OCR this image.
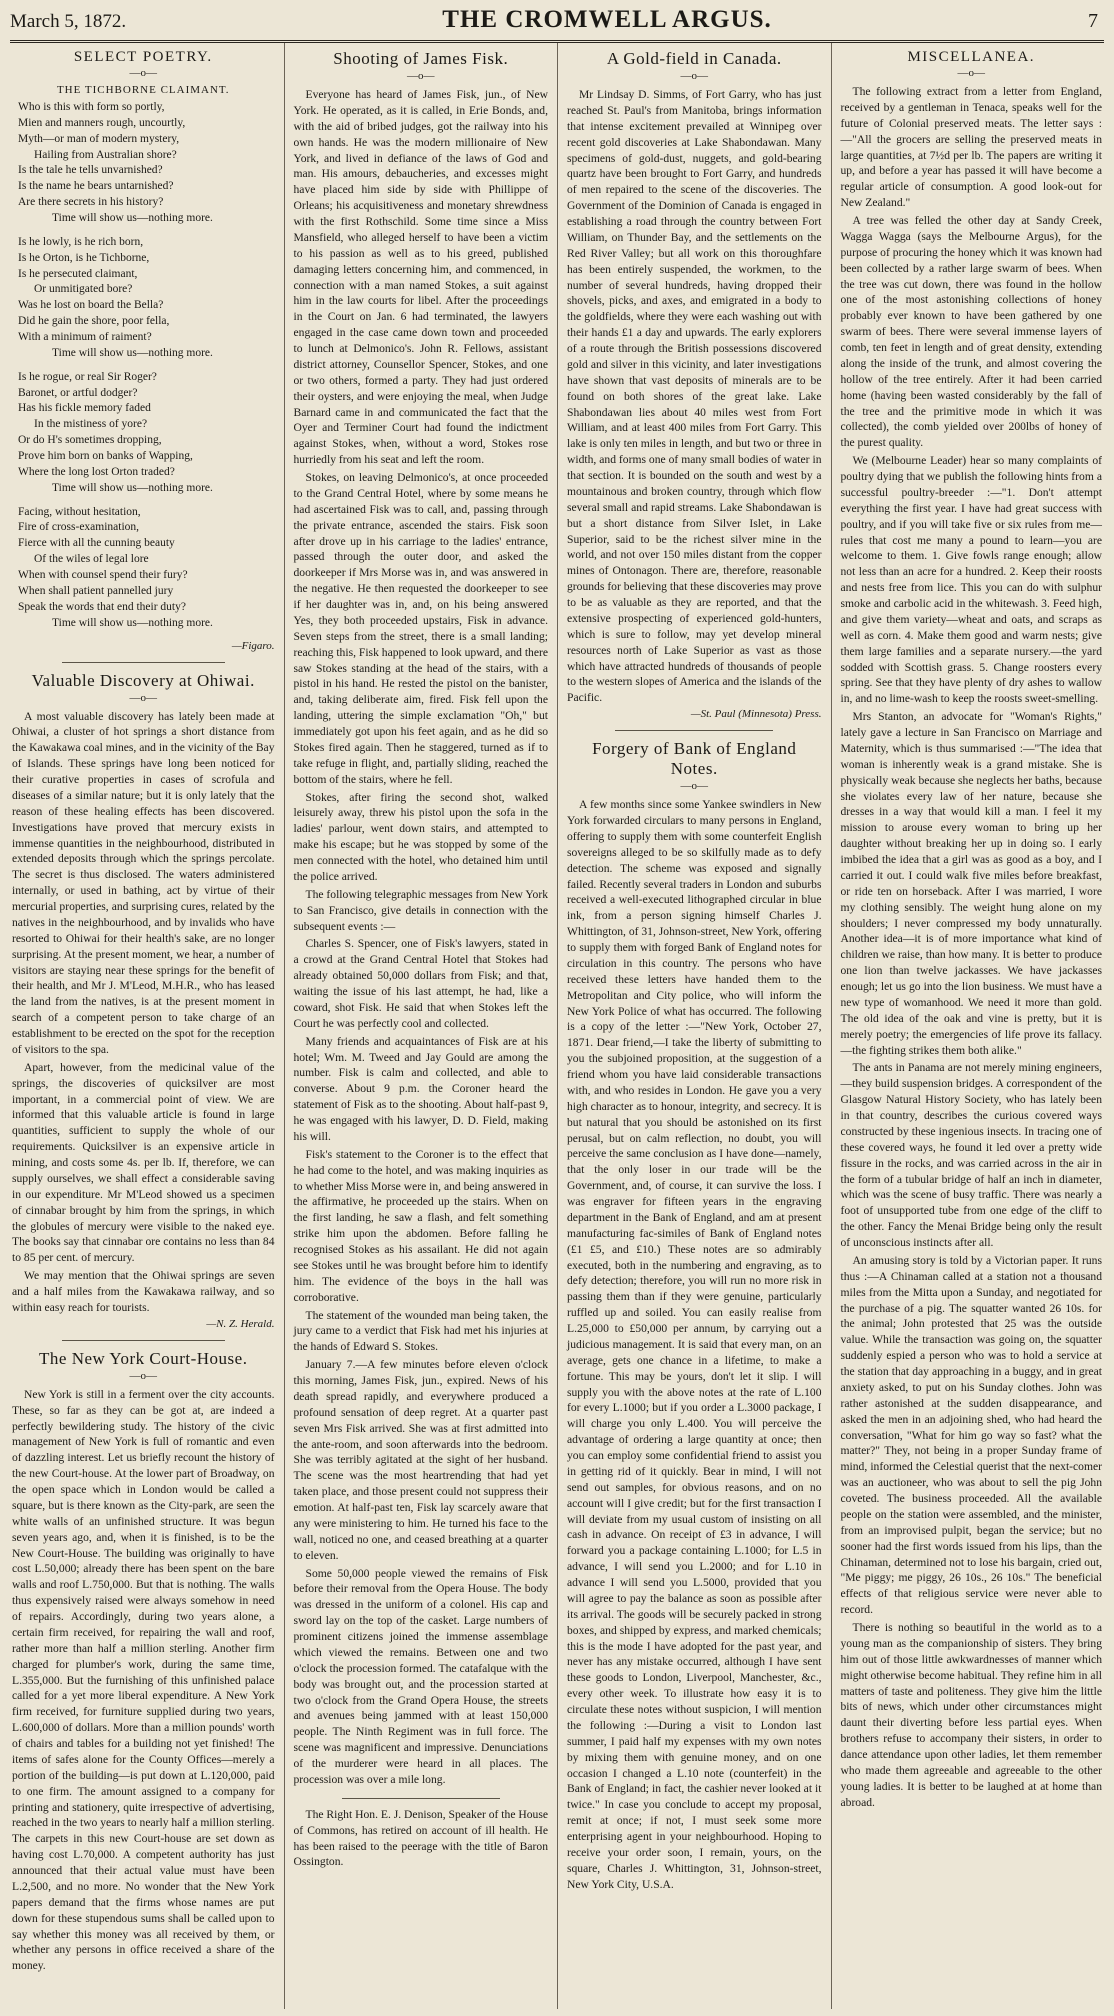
March 5, 1872.	THE CROMWELL ARGUS.	7
SELECT POETRY.
—o—
THE TICHBORNE CLAIMANT.
Who is this with form so portly,
Mien and manners rough, uncourtly,
Myth—or man of modern mystery,
Hailing from Australian shore?
Is the tale he tells unvarnished?
Is the name he bears untarnished?
Are there secrets in his history?
Time will show us—nothing more.
Is he lowly, is he rich born,
Is he Orton, is he Tichborne,
Is he persecuted claimant,
Or unmitigated bore?
Was he lost on board the Bella?
Did he gain the shore, poor fella,
With a minimum of raiment?
Time will show us—nothing more.
Is he rogue, or real Sir Roger?
Baronet, or artful dodger?
Has his fickle memory faded
In the mistiness of yore?
Or do H's sometimes dropping,
Prove him born on banks of Wapping,
Where the long lost Orton traded?
Time will show us—nothing more.
Facing, without hesitation,
Fire of cross-examination,
Fierce with all the cunning beauty
Of the wiles of legal lore
When with counsel spend their fury?
When shall patient pannelled jury
Speak the words that end their duty?
Time will show us—nothing more.
—Figaro.
Valuable Discovery at Ohiwai.
—o—

A most valuable discovery has lately been made at Ohiwai, a cluster of hot springs a short distance from the Kawakawa coal mines, and in the vicinity of the Bay of Islands. These springs have long been noticed for their curative properties in cases of scrofula and diseases of a similar nature; but it is only lately that the reason of these healing effects has been discovered. Investigations have proved that mercury exists in immense quantities in the neighbourhood, distributed in extended deposits through which the springs percolate. The secret is thus disclosed. The waters administered internally, or used in bathing, act by virtue of their mercurial properties, and surprising cures, related by the natives in the neighbourhood, and by invalids who have resorted to Ohiwai for their health's sake, are no longer surprising. At the present moment, we hear, a number of visitors are staying near these springs for the benefit of their health, and Mr J. M'Leod, M.H.R., who has leased the land from the natives, is at the present moment in search of a competent person to take charge of an establishment to be erected on the spot for the reception of visitors to the spa.

Apart, however, from the medicinal value of the springs, the discoveries of quicksilver are most important, in a commercial point of view. We are informed that this valuable article is found in large quantities, sufficient to supply the whole of our requirements. Quicksilver is an expensive article in mining, and costs some 4s. per lb. If, therefore, we can supply ourselves, we shall effect a considerable saving in our expenditure. Mr M'Leod showed us a specimen of cinnabar brought by him from the springs, in which the globules of mercury were visible to the naked eye. The books say that cinnabar ore contains no less than 84 to 85 per cent. of mercury.

We may mention that the Ohiwai springs are seven and a half miles from the Kawakawa railway, and so within easy reach for tourists.

—N. Z. Herald.
The New York Court-House.
—o—

New York is still in a ferment over the city accounts. These, so far as they can be got at, are indeed a perfectly bewildering study. The history of the civic management of New York is full of romantic and even of dazzling interest. Let us briefly recount the history of the new Court-house. At the lower part of Broadway, on the open space which in London would be called a square, but is there known as the City-park, are seen the white walls of an unfinished structure. It was begun seven years ago, and, when it is finished, is to be the New Court-House. The building was originally to have cost L.50,000; already there has been spent on the bare walls and roof L.750,000. But that is nothing. The walls thus expensively raised were always somehow in need of repairs. Accordingly, during two years alone, a certain firm received, for repairing the wall and roof, rather more than half a million sterling. Another firm charged for plumber's work, during the same time, L.355,000. But the furnishing of this unfinished palace called for a yet more liberal expenditure. A New York firm received, for furniture supplied during two years, L.600,000 of dollars. More than a million pounds' worth of chairs and tables for a building not yet finished! The items of safes alone for the County Offices—merely a portion of the building—is put down at L.120,000, paid to one firm. The amount assigned to a company for printing and stationery, quite irrespective of advertising, reached in the two years to nearly half a million sterling. The carpets in this new Court-house are set down as having cost L.70,000. A competent authority has just announced that their actual value must have been L.2,500, and no more. No wonder that the New York papers demand that the firms whose names are put down for these stupendous sums shall be called upon to say whether this money was all received by them, or whether any persons in office received a share of the money.

Shooting of James Fisk.
—o—

Everyone has heard of James Fisk, jun., of New York. He operated, as it is called, in Erie Bonds, and, with the aid of bribed judges, got the railway into his own hands. He was the modern millionaire of New York, and lived in defiance of the laws of God and man. His amours, debaucheries, and excesses might have placed him side by side with Phillippe of Orleans; his acquisitiveness and monetary shrewdness with the first Rothschild. Some time since a Miss Mansfield, who alleged herself to have been a victim to his passion as well as to his greed, published damaging letters concerning him, and commenced, in connection with a man named Stokes, a suit against him in the law courts for libel. After the proceedings in the Court on Jan. 6 had terminated, the lawyers engaged in the case came down town and proceeded to lunch at Delmonico's. John R. Fellows, assistant district attorney, Counsellor Spencer, Stokes, and one or two others, formed a party. They had just ordered their oysters, and were enjoying the meal, when Judge Barnard came in and communicated the fact that the Oyer and Terminer Court had found the indictment against Stokes, when, without a word, Stokes rose hurriedly from his seat and left the room.

Stokes, on leaving Delmonico's, at once proceeded to the Grand Central Hotel, where by some means he had ascertained Fisk was to call, and, passing through the private entrance, ascended the stairs. Fisk soon after drove up in his carriage to the ladies' entrance, passed through the outer door, and asked the doorkeeper if Mrs Morse was in, and was answered in the negative. He then requested the doorkeeper to see if her daughter was in, and, on his being answered Yes, they both proceeded upstairs, Fisk in advance. Seven steps from the street, there is a small landing; reaching this, Fisk happened to look upward, and there saw Stokes standing at the head of the stairs, with a pistol in his hand. He rested the pistol on the banister, and, taking deliberate aim, fired. Fisk fell upon the landing, uttering the simple exclamation "Oh," but immediately got upon his feet again, and as he did so Stokes fired again. Then he staggered, turned as if to take refuge in flight, and, partially sliding, reached the bottom of the stairs, where he fell.

Stokes, after firing the second shot, walked leisurely away, threw his pistol upon the sofa in the ladies' parlour, went down stairs, and attempted to make his escape; but he was stopped by some of the men connected with the hotel, who detained him until the police arrived.

The following telegraphic messages from New York to San Francisco, give details in connection with the subsequent events :—

Charles S. Spencer, one of Fisk's lawyers, stated in a crowd at the Grand Central Hotel that Stokes had already obtained 50,000 dollars from Fisk; and that, waiting the issue of his last attempt, he had, like a coward, shot Fisk. He said that when Stokes left the Court he was perfectly cool and collected.

Many friends and acquaintances of Fisk are at his hotel; Wm. M. Tweed and Jay Gould are among the number. Fisk is calm and collected, and able to converse. About 9 p.m. the Coroner heard the statement of Fisk as to the shooting. About half-past 9, he was engaged with his lawyer, D. D. Field, making his will.

Fisk's statement to the Coroner is to the effect that he had come to the hotel, and was making inquiries as to whether Miss Morse were in, and being answered in the affirmative, he proceeded up the stairs. When on the first landing, he saw a flash, and felt something strike him upon the abdomen. Before falling he recognised Stokes as his assailant. He did not again see Stokes until he was brought before him to identify him. The evidence of the boys in the hall was corroborative.

The statement of the wounded man being taken, the jury came to a verdict that Fisk had met his injuries at the hands of Edward S. Stokes.

January 7.—A few minutes before eleven o'clock this morning, James Fisk, jun., expired. News of his death spread rapidly, and everywhere produced a profound sensation of deep regret. At a quarter past seven Mrs Fisk arrived. She was at first admitted into the ante-room, and soon afterwards into the bedroom. She was terribly agitated at the sight of her husband. The scene was the most heartrending that had yet taken place, and those present could not suppress their emotion. At half-past ten, Fisk lay scarcely aware that any were ministering to him. He turned his face to the wall, noticed no one, and ceased breathing at a quarter to eleven.

Some 50,000 people viewed the remains of Fisk before their removal from the Opera House. The body was dressed in the uniform of a colonel. His cap and sword lay on the top of the casket. Large numbers of prominent citizens joined the immense assemblage which viewed the remains. Between one and two o'clock the procession formed. The catafalque with the body was brought out, and the procession started at two o'clock from the Grand Opera House, the streets and avenues being jammed with at least 150,000 people. The Ninth Regiment was in full force. The scene was magnificent and impressive. Denunciations of the murderer were heard in all places. The procession was over a mile long.

The Right Hon. E. J. Denison, Speaker of the House of Commons, has retired on account of ill health. He has been raised to the peerage with the title of Baron Ossington.

A Gold-field in Canada.
—o—

Mr Lindsay D. Simms, of Fort Garry, who has just reached St. Paul's from Manitoba, brings information that intense excitement prevailed at Winnipeg over recent gold discoveries at Lake Shabondawan. Many specimens of gold-dust, nuggets, and gold-bearing quartz have been brought to Fort Garry, and hundreds of men repaired to the scene of the discoveries. The Government of the Dominion of Canada is engaged in establishing a road through the country between Fort William, on Thunder Bay, and the settlements on the Red River Valley; but all work on this thoroughfare has been entirely suspended, the workmen, to the number of several hundreds, having dropped their shovels, picks, and axes, and emigrated in a body to the goldfields, where they were each washing out with their hands £1 a day and upwards. The early explorers of a route through the British possessions discovered gold and silver in this vicinity, and later investigations have shown that vast deposits of minerals are to be found on both shores of the great lake. Lake Shabondawan lies about 40 miles west from Fort William, and at least 400 miles from Fort Garry. This lake is only ten miles in length, and but two or three in width, and forms one of many small bodies of water in that section. It is bounded on the south and west by a mountainous and broken country, through which flow several small and rapid streams. Lake Shabondawan is but a short distance from Silver Islet, in Lake Superior, said to be the richest silver mine in the world, and not over 150 miles distant from the copper mines of Ontonagon. There are, therefore, reasonable grounds for believing that these discoveries may prove to be as valuable as they are reported, and that the extensive prospecting of experienced gold-hunters, which is sure to follow, may yet develop mineral resources north of Lake Superior as vast as those which have attracted hundreds of thousands of people to the western slopes of America and the islands of the Pacific.

—St. Paul (Minnesota) Press.
Forgery of Bank of England Notes.
—o—

A few months since some Yankee swindlers in New York forwarded circulars to many persons in England, offering to supply them with some counterfeit English sovereigns alleged to be so skilfully made as to defy detection. The scheme was exposed and signally failed. Recently several traders in London and suburbs received a well-executed lithographed circular in blue ink, from a person signing himself Charles J. Whittington, of 31, Johnson-street, New York, offering to supply them with forged Bank of England notes for circulation in this country. The persons who have received these letters have handed them to the Metropolitan and City police, who will inform the New York Police of what has occurred. The following is a copy of the letter :—"New York, October 27, 1871. Dear friend,—I take the liberty of submitting to you the subjoined proposition, at the suggestion of a friend whom you have laid considerable transactions with, and who resides in London. He gave you a very high character as to honour, integrity, and secrecy. It is but natural that you should be astonished on its first perusal, but on calm reflection, no doubt, you will perceive the same conclusion as I have done—namely, that the only loser in our trade will be the Government, and, of course, it can survive the loss. I was engraver for fifteen years in the engraving department in the Bank of England, and am at present manufacturing fac-similes of Bank of England notes (£1 £5, and £10.) These notes are so admirably executed, both in the numbering and engraving, as to defy detection; therefore, you will run no more risk in passing them than if they were genuine, particularly ruffled up and soiled. You can easily realise from L.25,000 to £50,000 per annum, by carrying out a judicious management. It is said that every man, on an average, gets one chance in a lifetime, to make a fortune. This may be yours, don't let it slip. I will supply you with the above notes at the rate of L.100 for every L.1000; but if you order a L.3000 package, I will charge you only L.400. You will perceive the advantage of ordering a large quantity at once; then you can employ some confidential friend to assist you in getting rid of it quickly. Bear in mind, I will not send out samples, for obvious reasons, and on no account will I give credit; but for the first transaction I will deviate from my usual custom of insisting on all cash in advance. On receipt of £3 in advance, I will forward you a package containing L.1000; for L.5 in advance, I will send you L.2000; and for L.10 in advance I will send you L.5000, provided that you will agree to pay the balance as soon as possible after its arrival. The goods will be securely packed in strong boxes, and shipped by express, and marked chemicals; this is the mode I have adopted for the past year, and never has any mistake occurred, although I have sent these goods to London, Liverpool, Manchester, &c., every other week. To illustrate how easy it is to circulate these notes without suspicion, I will mention the following :—During a visit to London last summer, I paid half my expenses with my own notes by mixing them with genuine money, and on one occasion I changed a L.10 note (counterfeit) in the Bank of England; in fact, the cashier never looked at it twice." In case you conclude to accept my proposal, remit at once; if not, I must seek some more enterprising agent in your neighbourhood. Hoping to receive your order soon, I remain, yours, on the square, Charles J. Whittington, 31, Johnson-street, New York City, U.S.A.

MISCELLANEA.
—o—

The following extract from a letter from England, received by a gentleman in Tenaca, speaks well for the future of Colonial preserved meats. The letter says :—"All the grocers are selling the preserved meats in large quantities, at 7½d per lb. The papers are writing it up, and before a year has passed it will have become a regular article of consumption. A good look-out for New Zealand."

A tree was felled the other day at Sandy Creek, Wagga Wagga (says the Melbourne Argus), for the purpose of procuring the honey which it was known had been collected by a rather large swarm of bees. When the tree was cut down, there was found in the hollow one of the most astonishing collections of honey probably ever known to have been gathered by one swarm of bees. There were several immense layers of comb, ten feet in length and of great density, extending along the inside of the trunk, and almost covering the hollow of the tree entirely. After it had been carried home (having been wasted considerably by the fall of the tree and the primitive mode in which it was collected), the comb yielded over 200lbs of honey of the purest quality.

We (Melbourne Leader) hear so many complaints of poultry dying that we publish the following hints from a successful poultry-breeder :—"1. Don't attempt everything the first year. I have had great success with poultry, and if you will take five or six rules from me—rules that cost me many a pound to learn—you are welcome to them. 1. Give fowls range enough; allow not less than an acre for a hundred. 2. Keep their roosts and nests free from lice. This you can do with sulphur smoke and carbolic acid in the whitewash. 3. Feed high, and give them variety—wheat and oats, and scraps as well as corn. 4. Make them good and warm nests; give them large families and a separate nursery.—the yard sodded with Scottish grass. 5. Change roosters every spring. See that they have plenty of dry ashes to wallow in, and no lime-wash to keep the roosts sweet-smelling.

Mrs Stanton, an advocate for "Woman's Rights," lately gave a lecture in San Francisco on Marriage and Maternity, which is thus summarised :—"The idea that woman is inherently weak is a grand mistake. She is physically weak because she neglects her baths, because she violates every law of her nature, because she dresses in a way that would kill a man. I feel it my mission to arouse every woman to bring up her daughter without breaking her up in doing so. I early imbibed the idea that a girl was as good as a boy, and I carried it out. I could walk five miles before breakfast, or ride ten on horseback. After I was married, I wore my clothing sensibly. The weight hung alone on my shoulders; I never compressed my body unnaturally. Another idea—it is of more importance what kind of children we raise, than how many. It is better to produce one lion than twelve jackasses. We have jackasses enough; let us go into the lion business. We must have a new type of womanhood. We need it more than gold. The old idea of the oak and vine is pretty, but it is merely poetry; the emergencies of life prove its fallacy.—the fighting strikes them both alike."

The ants in Panama are not merely mining engineers,—they build suspension bridges. A correspondent of the Glasgow Natural History Society, who has lately been in that country, describes the curious covered ways constructed by these ingenious insects. In tracing one of these covered ways, he found it led over a pretty wide fissure in the rocks, and was carried across in the air in the form of a tubular bridge of half an inch in diameter, which was the scene of busy traffic. There was nearly a foot of unsupported tube from one edge of the cliff to the other. Fancy the Menai Bridge being only the result of unconscious instincts after all.

An amusing story is told by a Victorian paper. It runs thus :—A Chinaman called at a station not a thousand miles from the Mitta upon a Sunday, and negotiated for the purchase of a pig. The squatter wanted 26 10s. for the animal; John protested that 25 was the outside value. While the transaction was going on, the squatter suddenly espied a person who was to hold a service at the station that day approaching in a buggy, and in great anxiety asked, to put on his Sunday clothes. John was rather astonished at the sudden disappearance, and asked the men in an adjoining shed, who had heard the conversation, "What for him go way so fast? what the matter?" They, not being in a proper Sunday frame of mind, informed the Celestial querist that the next-comer was an auctioneer, who was about to sell the pig John coveted. The business proceeded. All the available people on the station were assembled, and the minister, from an improvised pulpit, began the service; but no sooner had the first words issued from his lips, than the Chinaman, determined not to lose his bargain, cried out, "Me piggy; me piggy, 26 10s., 26 10s." The beneficial effects of that religious service were never able to record.

There is nothing so beautiful in the world as to a young man as the companionship of sisters. They bring him out of those little awkwardnesses of manner which might otherwise become habitual. They refine him in all matters of taste and politeness. They give him the little bits of news, which under other circumstances might daunt their diverting before less partial eyes. When brothers refuse to accompany their sisters, in order to dance attendance upon other ladies, let them remember who made them agreeable and agreeable to the other young ladies. It is better to be laughed at at home than abroad.
